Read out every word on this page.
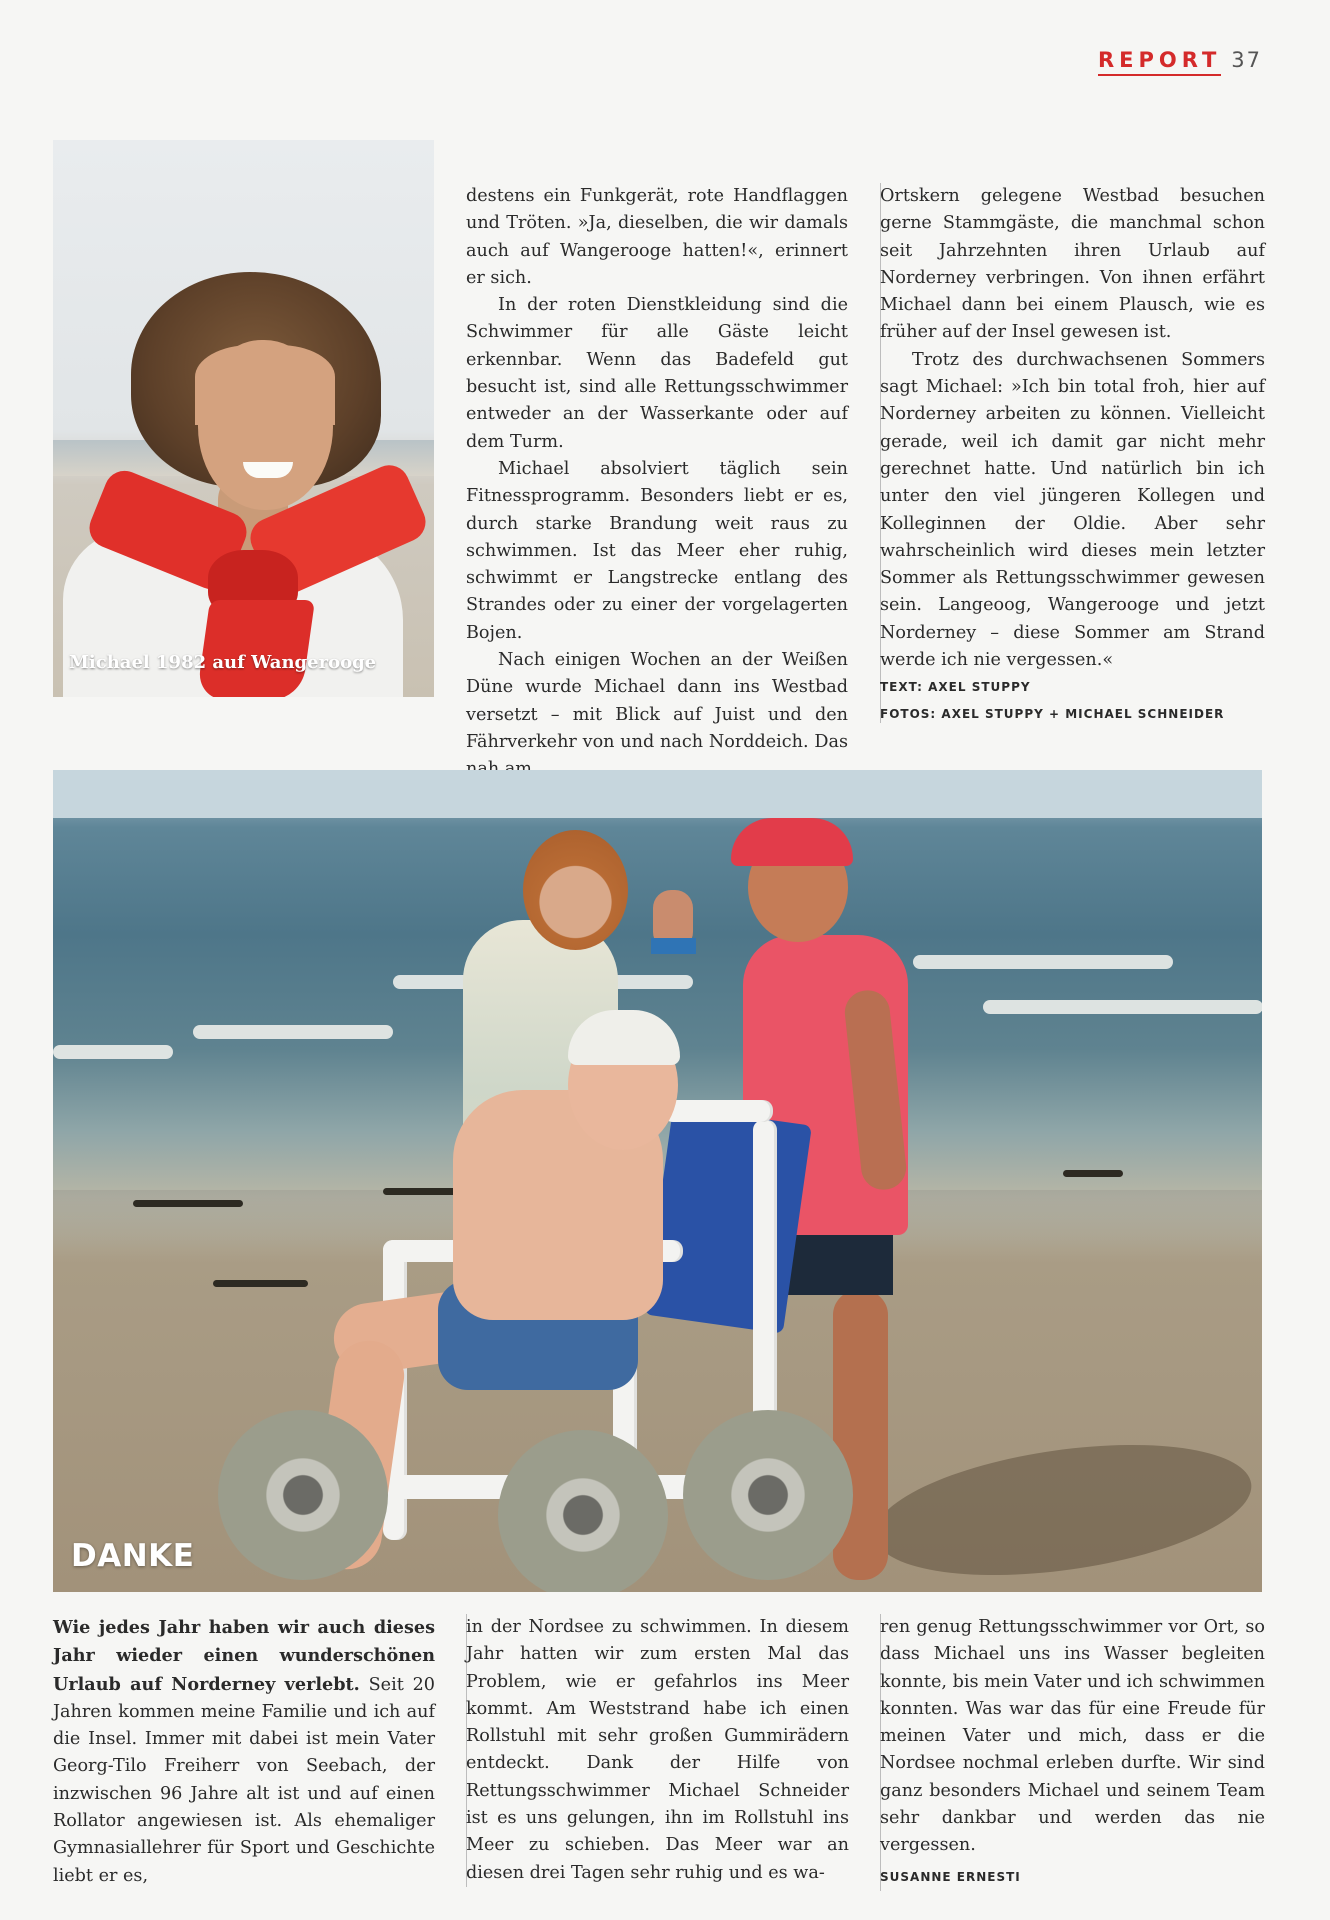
REPORT 37
Michael 1982 auf Wangerooge

destens ein Funkgerät, rote Handflaggen und Tröten. »Ja, dieselben, die wir damals auch auf Wangerooge hatten!«, erinnert er sich.

In der roten Dienstkleidung sind die Schwimmer für alle Gäste leicht erkennbar. Wenn das Badefeld gut besucht ist, sind alle Rettungsschwimmer entweder an der Wasserkante oder auf dem Turm.

Michael absolviert täglich sein Fitnessprogramm. Besonders liebt er es, durch starke Brandung weit raus zu schwimmen. Ist das Meer eher ruhig, schwimmt er Langstrecke entlang des Strandes oder zu einer der vorgelagerten Bojen.

Nach einigen Wochen an der Weißen Düne wurde Michael dann ins Westbad versetzt – mit Blick auf Juist und den Fährverkehr von und nach Norddeich. Das

Ortskern gelegene Westbad besuchen gerne Stammgäste, die manchmal schon seit Jahrzehnten ihren Urlaub auf Norderney verbringen. Von ihnen erfährt Michael dann bei einem Plausch, wie es früher auf der Insel gewesen ist.

Trotz des durchwachsenen Sommers sagt Michael: »Ich bin total froh, hier auf Norderney arbeiten zu können. Vielleicht gerade, weil ich damit gar nicht mehr gerechnet hatte. Und natürlich bin ich unter den viel jüngeren Kollegen und Kolleginnen der Oldie. Aber sehr wahrscheinlich wird dieses mein letzter Sommer als Rettungsschwimmer gewesen sein. Langeoog, Wangerooge und jetzt Norderney – diese Sommer am Strand werde ich nie vergessen.«

TEXT: AXEL STUPPY
FOTOS: AXEL STUPPY + MICHAEL SCHNEIDER
DANKE

Wie jedes Jahr haben wir auch dieses Jahr wieder einen wunderschönen Urlaub auf Norderney verlebt. Seit 20 Jahren kommen meine Familie und ich auf die Insel. Immer mit dabei ist mein Vater Georg-Tilo Freiherr von Seebach, der inzwischen 96 Jahre alt ist und auf einen Rollator angewiesen ist. Als ehemaliger Gymnasiallehrer für Sport und Geschichte liebt er es,

in der Nordsee zu schwimmen. In diesem Jahr hatten wir zum ersten Mal das Problem, wie er gefahrlos ins Meer kommt. Am Weststrand habe ich einen Rollstuhl mit sehr großen Gummirädern entdeckt. Dank der Hilfe von Rettungsschwimmer Michael Schneider ist es uns gelungen, ihn im Rollstuhl ins Meer zu schieben. Das Meer war an diesen drei Tagen sehr ruhig und es wa-

ren genug Rettungsschwimmer vor Ort, so dass Michael uns ins Wasser begleiten konnte, bis mein Vater und ich schwimmen konnten. Was war das für eine Freude für meinen Vater und mich, dass er die Nordsee nochmal erleben durfte. Wir sind ganz besonders Michael und seinem Team sehr dankbar und werden das nie vergessen.

SUSANNE ERNESTI
